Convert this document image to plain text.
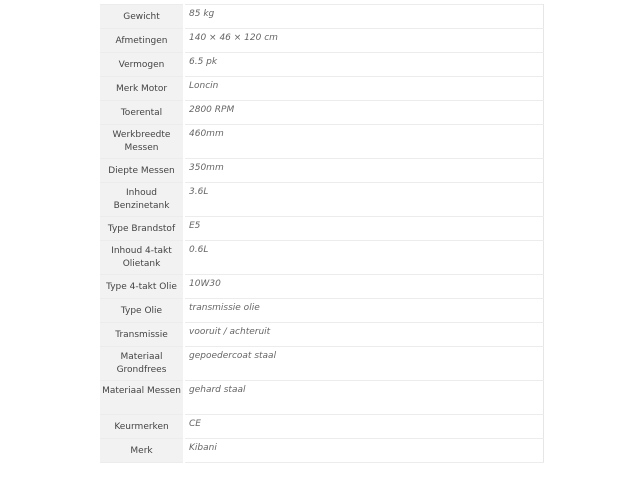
Gewicht	85 kg
Afmetingen	140 × 46 × 120 cm
Vermogen	6.5 pk
Merk Motor	Loncin
Toerental	2800 RPM
Werkbreedte Messen	460mm
Diepte Messen	350mm
Inhoud Benzinetank	3.6L
Type Brandstof	E5
Inhoud 4-takt Olietank	0.6L
Type 4-takt Olie	10W30
Type Olie	transmissie olie
Transmissie	vooruit / achteruit
Materiaal Grondfrees	gepoedercoat staal
Materiaal Messen	gehard staal
Keurmerken	CE
Merk	Kibani
